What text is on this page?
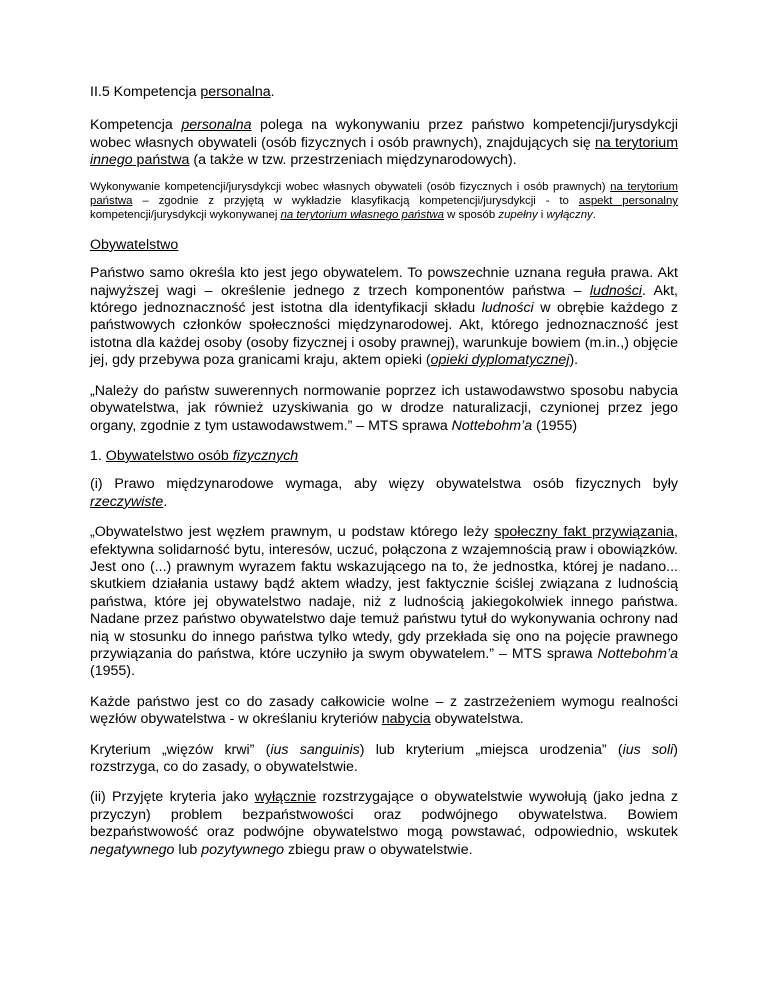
II.5 Kompetencja personalna.

Kompetencja personalna polega na wykonywaniu przez państwo kompetencji/jurysdykcji wobec własnych obywateli (osób fizycznych i osób prawnych), znajdujących się na terytorium innego państwa (a także w tzw. przestrzeniach międzynarodowych).

Wykonywanie kompetencji/jurysdykcji wobec własnych obywateli (osób fizycznych i osób prawnych) na terytorium państwa – zgodnie z przyjętą w wykładzie klasyfikacją kompetencji/jurysdykcji - to aspekt personalny kompetencji/jurysdykcji wykonywanej na terytorium własnego państwa w sposób zupełny i wyłączny.

Obywatelstwo

Państwo samo określa kto jest jego obywatelem. To powszechnie uznana reguła prawa. Akt najwyższej wagi – określenie jednego z trzech komponentów państwa – ludności. Akt, którego jednoznaczność jest istotna dla identyfikacji składu ludności w obrębie każdego z państwowych członków społeczności międzynarodowej. Akt, którego jednoznaczność jest istotna dla każdej osoby (osoby fizycznej i osoby prawnej), warunkuje bowiem (m.in.,) objęcie jej, gdy przebywa poza granicami kraju, aktem opieki (opieki dyplomatycznej).

„Należy do państw suwerennych normowanie poprzez ich ustawodawstwo sposobu nabycia obywatelstwa, jak również uzyskiwania go w drodze naturalizacji, czynionej przez jego organy, zgodnie z tym ustawodawstwem.” – MTS sprawa Nottebohm’a (1955)

1. Obywatelstwo osób fizycznych

(i) Prawo międzynarodowe wymaga, aby więzy obywatelstwa osób fizycznych były rzeczywiste.

„Obywatelstwo jest węzłem prawnym, u podstaw którego leży społeczny fakt przywiązania, efektywna solidarność bytu, interesów, uczuć, połączona z wzajemnością praw i obowiązków. Jest ono (...) prawnym wyrazem faktu wskazującego na to, że jednostka, której je nadano... skutkiem działania ustawy bądź aktem władzy, jest faktycznie ściślej związana z ludnością państwa, które jej obywatelstwo nadaje, niż z ludnością jakiegokolwiek innego państwa. Nadane przez państwo obywatelstwo daje temuż państwu tytuł do wykonywania ochrony nad nią w stosunku do innego państwa tylko wtedy, gdy przekłada się ono na pojęcie prawnego przywiązania do państwa, które uczyniło ja swym obywatelem.” – MTS sprawa Nottebohm’a (1955).

Każde państwo jest co do zasady całkowicie wolne – z zastrzeżeniem wymogu realności węzłów obywatelstwa - w określaniu kryteriów nabycia obywatelstwa.

Kryterium „więzów krwi” (ius sanguinis) lub kryterium „miejsca urodzenia” (ius soli) rozstrzyga, co do zasady, o obywatelstwie.

(ii) Przyjęte kryteria jako wyłącznie rozstrzygające o obywatelstwie wywołują (jako jedna z przyczyn) problem bezpaństwowości oraz podwójnego obywatelstwa. Bowiem bezpaństwowość oraz podwójne obywatelstwo mogą powstawać, odpowiednio, wskutek negatywnego lub pozytywnego zbiegu praw o obywatelstwie.
